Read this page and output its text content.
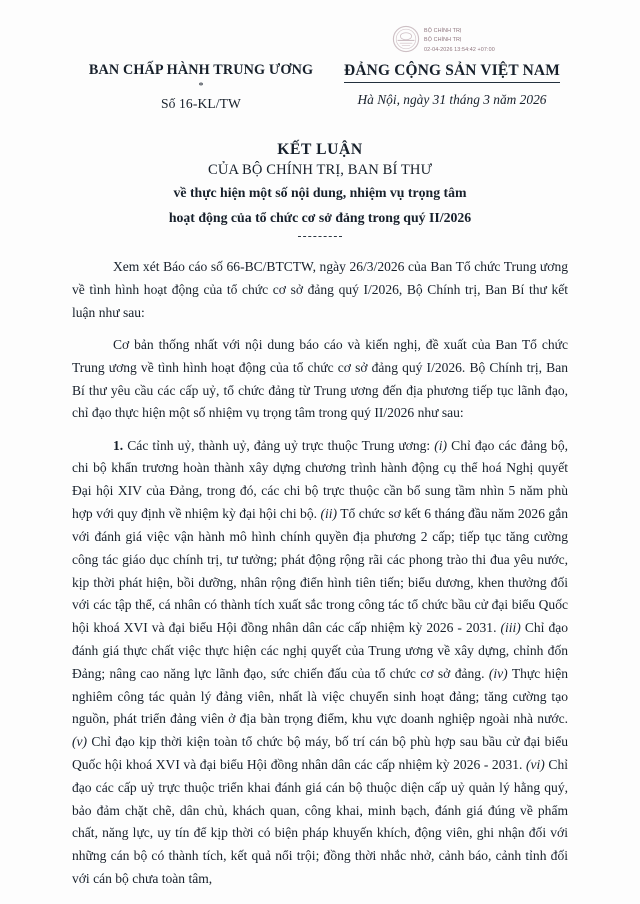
BỘ CHÍNH TRỊ
BỘ CHÍNH TRỊ
02-04-2026 13:54:42 +07:00
BAN CHẤP HÀNH TRUNG ƯƠNG
*
Số 16-KL/TW
ĐẢNG CỘNG SẢN VIỆT NAM
Hà Nội, ngày 31 tháng 3 năm 2026
KẾT LUẬN
CỦA BỘ CHÍNH TRỊ, BAN BÍ THƯ
về thực hiện một số nội dung, nhiệm vụ trọng tâm
hoạt động của tổ chức cơ sở đảng trong quý II/2026

Xem xét Báo cáo số 66-BC/BTCTW, ngày 26/3/2026 của Ban Tổ chức Trung ương về tình hình hoạt động của tổ chức cơ sở đảng quý I/2026, Bộ Chính trị, Ban Bí thư kết luận như sau:

Cơ bản thống nhất với nội dung báo cáo và kiến nghị, đề xuất của Ban Tổ chức Trung ương về tình hình hoạt động của tổ chức cơ sở đảng quý I/2026. Bộ Chính trị, Ban Bí thư yêu cầu các cấp uỷ, tổ chức đảng từ Trung ương đến địa phương tiếp tục lãnh đạo, chỉ đạo thực hiện một số nhiệm vụ trọng tâm trong quý II/2026 như sau:

1. Các tỉnh uỷ, thành uỷ, đảng uỷ trực thuộc Trung ương: (i) Chỉ đạo các đảng bộ, chi bộ khẩn trương hoàn thành xây dựng chương trình hành động cụ thể hoá Nghị quyết Đại hội XIV của Đảng, trong đó, các chi bộ trực thuộc cần bổ sung tầm nhìn 5 năm phù hợp với quy định về nhiệm kỳ đại hội chi bộ. (ii) Tổ chức sơ kết 6 tháng đầu năm 2026 gắn với đánh giá việc vận hành mô hình chính quyền địa phương 2 cấp; tiếp tục tăng cường công tác giáo dục chính trị, tư tưởng; phát động rộng rãi các phong trào thi đua yêu nước, kịp thời phát hiện, bồi dưỡng, nhân rộng điển hình tiên tiến; biểu dương, khen thưởng đối với các tập thể, cá nhân có thành tích xuất sắc trong công tác tổ chức bầu cử đại biểu Quốc hội khoá XVI và đại biểu Hội đồng nhân dân các cấp nhiệm kỳ 2026 - 2031. (iii) Chỉ đạo đánh giá thực chất việc thực hiện các nghị quyết của Trung ương về xây dựng, chỉnh đốn Đảng; nâng cao năng lực lãnh đạo, sức chiến đấu của tổ chức cơ sở đảng. (iv) Thực hiện nghiêm công tác quản lý đảng viên, nhất là việc chuyển sinh hoạt đảng; tăng cường tạo nguồn, phát triển đảng viên ở địa bàn trọng điểm, khu vực doanh nghiệp ngoài nhà nước. (v) Chỉ đạo kịp thời kiện toàn tổ chức bộ máy, bố trí cán bộ phù hợp sau bầu cử đại biểu Quốc hội khoá XVI và đại biểu Hội đồng nhân dân các cấp nhiệm kỳ 2026 - 2031. (vi) Chỉ đạo các cấp uỷ trực thuộc triển khai đánh giá cán bộ thuộc diện cấp uỷ quản lý hằng quý, bảo đảm chặt chẽ, dân chủ, khách quan, công khai, minh bạch, đánh giá đúng về phẩm chất, năng lực, uy tín để kịp thời có biện pháp khuyến khích, động viên, ghi nhận đối với những cán bộ có thành tích, kết quả nổi trội; đồng thời nhắc nhở, cảnh báo, cảnh tỉnh đối với cán bộ chưa toàn tâm,
